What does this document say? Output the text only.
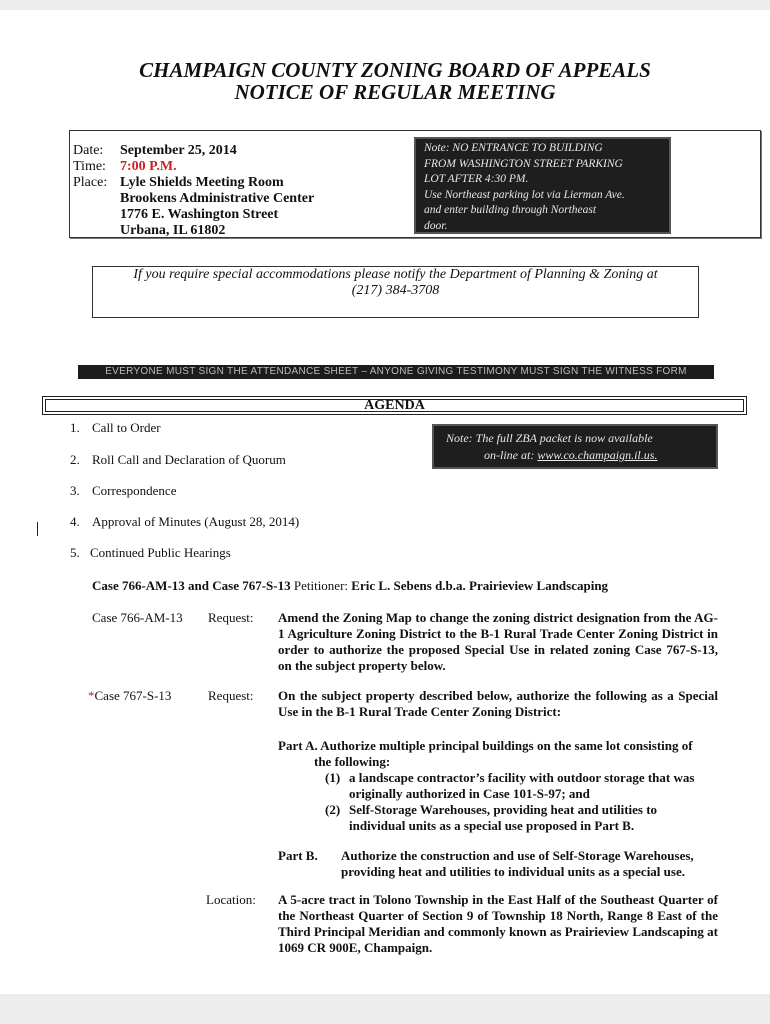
CHAMPAIGN COUNTY ZONING BOARD OF APPEALS
NOTICE OF REGULAR MEETING
Date: September 25, 2014
Time: 7:00 P.M.
Place: Lyle Shields Meeting Room
Brookens Administrative Center
1776 E. Washington Street
Urbana, IL 61802
Note: NO ENTRANCE TO BUILDING
FROM WASHINGTON STREET PARKING
LOT AFTER 4:30 PM.
Use Northeast parking lot via Lierman Ave.
and enter building through Northeast
door.
If you require special accommodations please notify the Department of Planning & Zoning at
(217) 384-3708
EVERYONE MUST SIGN THE ATTENDANCE SHEET – ANYONE GIVING TESTIMONY MUST SIGN THE WITNESS FORM
AGENDA
Note: The full ZBA packet is now available
on-line at: www.co.champaign.il.us.
1. Call to Order
2. Roll Call and Declaration of Quorum
3. Correspondence
4. Approval of Minutes (August 28, 2014)
5. Continued Public Hearings
Case 766-AM-13 and Case 767-S-13 Petitioner: Eric L. Sebens d.b.a. Prairieview Landscaping
Case 766-AM-13 Request: Amend the Zoning Map to change the zoning district designation from the AG-1 Agriculture Zoning District to the B-1 Rural Trade Center Zoning District in order to authorize the proposed Special Use in related zoning Case 767-S-13, on the subject property below.
*Case 767-S-13	Request: On the subject property described below, authorize the following as a Special Use in the B-1 Rural Trade Center Zoning District:
Part A. Authorize multiple principal buildings on the same lot consisting of
the following:
(1) a landscape contractor’s facility with outdoor storage that was
originally authorized in Case 101-S-97; and
(2) Self-Storage Warehouses, providing heat and utilities to
individual units as a special use proposed in Part B.
Part B. Authorize the construction and use of Self-Storage Warehouses,
providing heat and utilities to individual units as a special use.
Location: A 5-acre tract in Tolono Township in the East Half of the Southeast Quarter of the Northeast Quarter of Section 9 of Township 18 North, Range 8 East of the Third Principal Meridian and commonly known as Prairieview Landscaping at 1069 CR 900E, Champaign.
